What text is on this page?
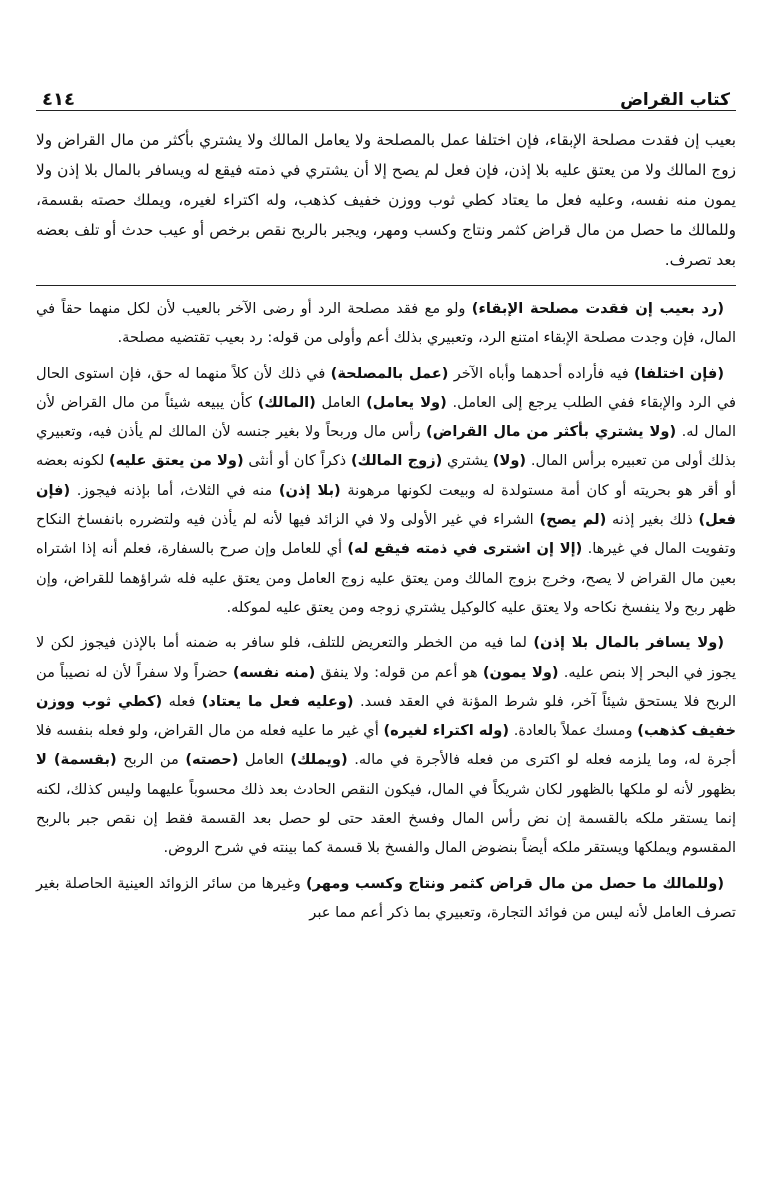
كتاب القراض
٤١٤
بعيب إن فقدت مصلحة الإبقاء، فإن اختلفا عمل بالمصلحة ولا يعامل المالك ولا يشتري بأكثر من مال القراض ولا زوج المالك ولا من يعتق عليه بلا إذن، فإن فعل لم يصح إلا أن يشتري في ذمته فيقع له ويسافر بالمال بلا إذن ولا يمون منه نفسه، وعليه فعل ما يعتاد كطي ثوب ووزن خفيف كذهب، وله اكتراء لغيره، ويملك حصته بقسمة، وللمالك ما حصل من مال قراض كثمر ونتاج وكسب ومهر، ويجبر بالربح نقص برخص أو عيب حدث أو تلف بعضه بعد تصرف.

(رد بعيب إن فقدت مصلحة الإبقاء) ولو مع فقد مصلحة الرد أو رضى الآخر بالعيب لأن لكل منهما حقاً في المال، فإن وجدت مصلحة الإبقاء امتنع الرد، وتعبيري بذلك أعم وأولى من قوله: رد بعيب تقتضيه مصلحة.

(فإن اختلفا) فيه فأراده أحدهما وأباه الآخر (عمل بالمصلحة) في ذلك لأن كلاً منهما له حق، فإن استوى الحال في الرد والإبقاء ففي الطلب يرجع إلى العامل. (ولا يعامل) العامل (المالك) كأن يبيعه شيئاً من مال القراض لأن المال له. (ولا يشتري بأكثر من مال القراض) رأس مال وربحاً ولا بغير جنسه لأن المالك لم يأذن فيه، وتعبيري بذلك أولى من تعبيره برأس المال. (ولا) يشتري (زوج المالك) ذكراً كان أو أنثى (ولا من يعتق عليه) لكونه بعضه أو أقر هو بحريته أو كان أمة مستولدة له وبيعت لكونها مرهونة (بلا إذن) منه في الثلاث، أما بإذنه فيجوز. (فإن فعل) ذلك بغير إذنه (لم يصح) الشراء في غير الأولى ولا في الزائد فيها لأنه لم يأذن فيه ولتضرره بانفساخ النكاح وتفويت المال في غيرها. (إلا إن اشترى في ذمته فيقع له) أي للعامل وإن صرح بالسفارة، فعلم أنه إذا اشتراه بعين مال القراض لا يصح، وخرج بزوج المالك ومن يعتق عليه زوج العامل ومن يعتق عليه فله شراؤهما للقراض، وإن ظهر ربح ولا ينفسخ نكاحه ولا يعتق عليه كالوكيل يشتري زوجه ومن يعتق عليه لموكله.

(ولا يسافر بالمال بلا إذن) لما فيه من الخطر والتعريض للتلف، فلو سافر به ضمنه أما بالإذن فيجوز لكن لا يجوز في البحر إلا بنص عليه. (ولا يمون) هو أعم من قوله: ولا ينفق (منه نفسه) حضراً ولا سفراً لأن له نصيباً من الربح فلا يستحق شيئاً آخر، فلو شرط المؤنة في العقد فسد. (وعليه فعل ما يعتاد) فعله (كطي ثوب ووزن خفيف كذهب) ومسك عملاً بالعادة. (وله اكتراء لغيره) أي غير ما عليه فعله من مال القراض، ولو فعله بنفسه فلا أجرة له، وما يلزمه فعله لو اكترى من فعله فالأجرة في ماله. (ويملك) العامل (حصته) من الربح (بقسمة) لا بظهور لأنه لو ملكها بالظهور لكان شريكاً في المال، فيكون النقص الحادث بعد ذلك محسوباً عليهما وليس كذلك، لكنه إنما يستقر ملكه بالقسمة إن نض رأس المال وفسخ العقد حتى لو حصل بعد القسمة فقط إن نقص جبر بالربح المقسوم ويملكها ويستقر ملكه أيضاً بنضوض المال والفسخ بلا قسمة كما بينته في شرح الروض.

(وللمالك ما حصل من مال قراض كثمر ونتاج وكسب ومهر) وغيرها من سائر الزوائد العينية الحاصلة بغير تصرف العامل لأنه ليس من فوائد التجارة، وتعبيري بما ذكر أعم مما عبر
